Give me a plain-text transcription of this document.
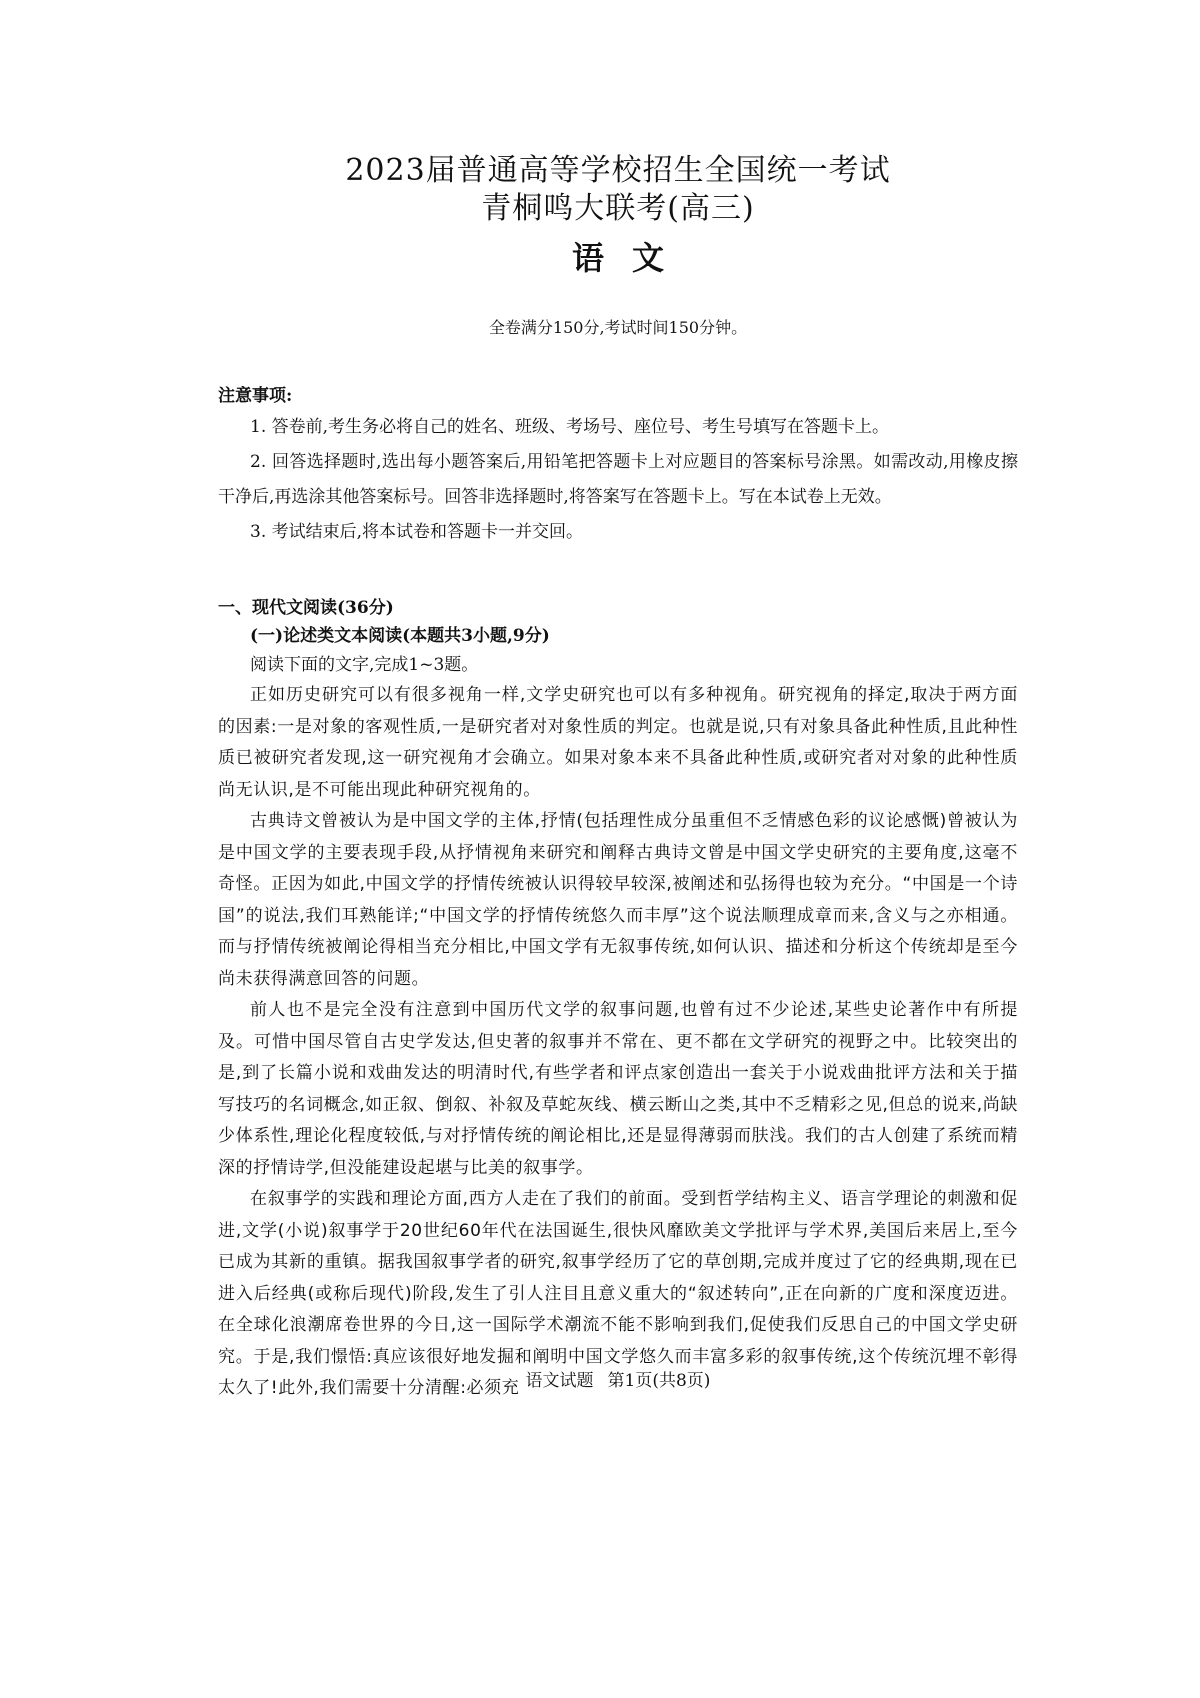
2023届普通高等学校招生全国统一考试
青桐鸣大联考(高三)
语文
全卷满分150分,考试时间150分钟。
注意事项:

1. 答卷前,考生务必将自己的姓名、班级、考场号、座位号、考生号填写在答题卡上。

2. 回答选择题时,选出每小题答案后,用铅笔把答题卡上对应题目的答案标号涂黑。如需改动,用橡皮擦干净后,再选涂其他答案标号。回答非选择题时,将答案写在答题卡上。写在本试卷上无效。

3. 考试结束后,将本试卷和答题卡一并交回。

一、现代文阅读(36分)
(一)论述类文本阅读(本题共3小题,9分)
阅读下面的文字,完成1~3题。

正如历史研究可以有很多视角一样,文学史研究也可以有多种视角。研究视角的择定,取决于两方面的因素:一是对象的客观性质,一是研究者对对象性质的判定。也就是说,只有对象具备此种性质,且此种性质已被研究者发现,这一研究视角才会确立。如果对象本来不具备此种性质,或研究者对对象的此种性质尚无认识,是不可能出现此种研究视角的。

古典诗文曾被认为是中国文学的主体,抒情(包括理性成分虽重但不乏情感色彩的议论感慨)曾被认为是中国文学的主要表现手段,从抒情视角来研究和阐释古典诗文曾是中国文学史研究的主要角度,这毫不奇怪。正因为如此,中国文学的抒情传统被认识得较早较深,被阐述和弘扬得也较为充分。“中国是一个诗国”的说法,我们耳熟能详;“中国文学的抒情传统悠久而丰厚”这个说法顺理成章而来,含义与之亦相通。而与抒情传统被阐论得相当充分相比,中国文学有无叙事传统,如何认识、描述和分析这个传统却是至今尚未获得满意回答的问题。

前人也不是完全没有注意到中国历代文学的叙事问题,也曾有过不少论述,某些史论著作中有所提及。可惜中国尽管自古史学发达,但史著的叙事并不常在、更不都在文学研究的视野之中。比较突出的是,到了长篇小说和戏曲发达的明清时代,有些学者和评点家创造出一套关于小说戏曲批评方法和关于描写技巧的名词概念,如正叙、倒叙、补叙及草蛇灰线、横云断山之类,其中不乏精彩之见,但总的说来,尚缺少体系性,理论化程度较低,与对抒情传统的阐论相比,还是显得薄弱而肤浅。我们的古人创建了系统而精深的抒情诗学,但没能建设起堪与比美的叙事学。

在叙事学的实践和理论方面,西方人走在了我们的前面。受到哲学结构主义、语言学理论的刺激和促进,文学(小说)叙事学于20世纪60年代在法国诞生,很快风靡欧美文学批评与学术界,美国后来居上,至今已成为其新的重镇。据我国叙事学者的研究,叙事学经历了它的草创期,完成并度过了它的经典期,现在已进入后经典(或称后现代)阶段,发生了引人注目且意义重大的“叙述转向”,正在向新的广度和深度迈进。在全球化浪潮席卷世界的今日,这一国际学术潮流不能不影响到我们,促使我们反思自己的中国文学史研究。于是,我们憬悟:真应该很好地发掘和阐明中国文学悠久而丰富多彩的叙事传统,这个传统沉埋不彰得太久了!此外,我们需要十分清醒:必须充 语文试题 第1页(共8页)
